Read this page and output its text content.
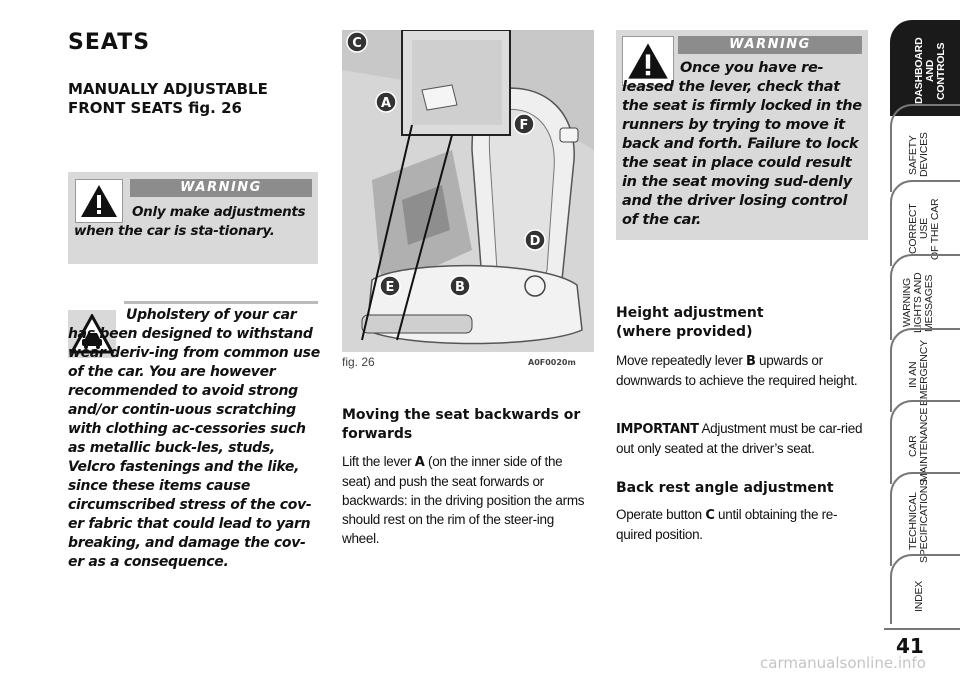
SEATS
MANUALLY ADJUSTABLE FRONT SEATS fig. 26
WARNING
Only make adjustments when the car is sta-tionary.
Upholstery of your car has been designed to withstand wear deriv-ing from common use of the car. You are however recommended to avoid strong and/or contin-uous scratching with clothing ac-cessories such as metallic buck-les, studs, Velcro fastenings and the like, since these items cause circumscribed stress of the cov-er fabric that could lead to yarn breaking, and damage the cov-er as a consequence.
C
A
F
D
E	B
fig. 26	A0F0020m
Moving the seat backwards or forwards
Lift the lever A (on the inner side of the seat) and push the seat forwards or backwards: in the driving position the arms should rest on the rim of the steer-ing wheel.
WARNING
Once you have re-leased the lever, check that the seat is firmly locked in the runners by trying to move it back and forth. Failure to lock the seat in place could result in the seat moving sud-denly and the driver losing control of the car.
Height adjustment (where provided)
Move repeatedly lever B upwards or downwards to achieve the required height.
IMPORTANT Adjustment must be car-ried out only seated at the driver’s seat.
Back rest angle adjustment
Operate button C until obtaining the re-quired position.
DASHBOARD
AND
CONTROLS
SAFETY
DEVICES
CORRECT USE
OF THE CAR
WARNING
LIGHTS AND
MESSAGES
IN AN
EMERGENCY
CAR
MAINTENANCE
TECHNICAL
SPECIFICATIONS
INDEX
41
carmanualsonline.info
